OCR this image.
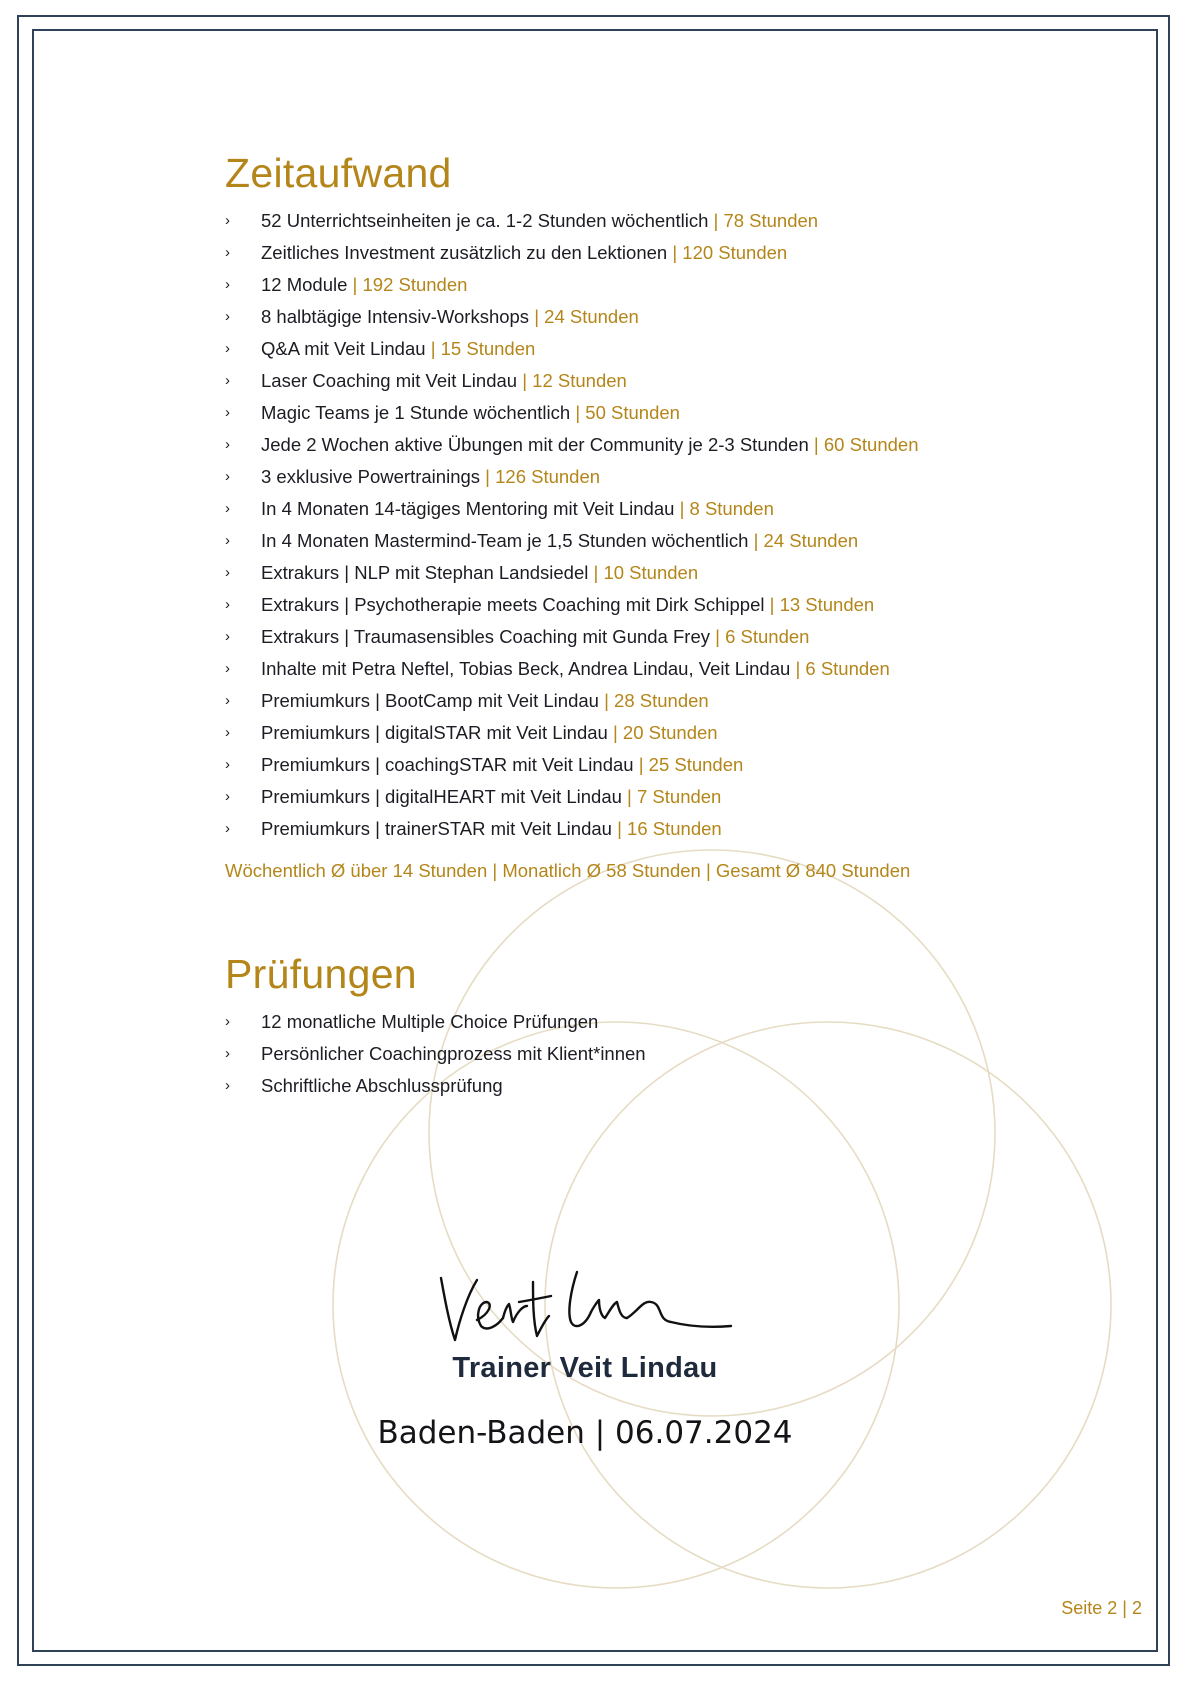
Zeitaufwand
› 52 Unterrichtseinheiten je ca. 1-2 Stunden wöchentlich | 78 Stunden
› Zeitliches Investment zusätzlich zu den Lektionen | 120 Stunden
› 12 Module | 192 Stunden
› 8 halbtägige Intensiv-Workshops | 24 Stunden
› Q&A mit Veit Lindau | 15 Stunden
› Laser Coaching mit Veit Lindau | 12 Stunden
› Magic Teams je 1 Stunde wöchentlich | 50 Stunden
› Jede 2 Wochen aktive Übungen mit der Community je 2-3 Stunden | 60 Stunden
› 3 exklusive Powertrainings | 126 Stunden
› In 4 Monaten 14-tägiges Mentoring mit Veit Lindau | 8 Stunden
› In 4 Monaten Mastermind-Team je 1,5 Stunden wöchentlich | 24 Stunden
› Extrakurs | NLP mit Stephan Landsiedel | 10 Stunden
› Extrakurs | Psychotherapie meets Coaching mit Dirk Schippel | 13 Stunden
› Extrakurs | Traumasensibles Coaching mit Gunda Frey | 6 Stunden
› Inhalte mit Petra Neftel, Tobias Beck, Andrea Lindau, Veit Lindau | 6 Stunden
› Premiumkurs | BootCamp mit Veit Lindau | 28 Stunden
› Premiumkurs | digitalSTAR mit Veit Lindau | 20 Stunden
› Premiumkurs | coachingSTAR mit Veit Lindau | 25 Stunden
› Premiumkurs | digitalHEART mit Veit Lindau | 7 Stunden
› Premiumkurs | trainerSTAR mit Veit Lindau | 16 Stunden
Wöchentlich Ø über 14 Stunden | Monatlich Ø 58 Stunden | Gesamt Ø 840 Stunden
Prüfungen
› 12 monatliche Multiple Choice Prüfungen
› Persönlicher Coachingprozess mit Klient*innen
› Schriftliche Abschlussprüfung
Trainer Veit Lindau
Baden-Baden | 06.07.2024
Seite 2 | 2
